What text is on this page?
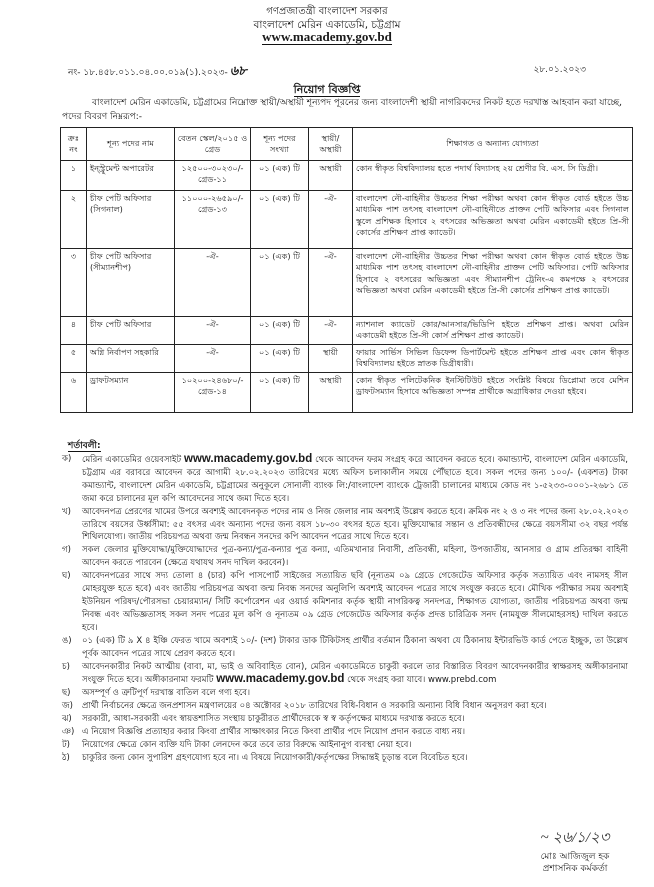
গণপ্রজাতন্ত্রী বাংলাদেশ সরকার
বাংলাদেশ মেরিন একাডেমি, চট্টগ্রাম
www.macademy.gov.bd
নং- ১৮.৪৫৮.০১১.০৪.০০.০১৯(১).২০২৩- ৬৮	২৮.০১.২০২৩
নিয়োগ বিজ্ঞপ্তি
বাংলাদেশ মেরিন একাডেমি, চট্টগ্রামের নিম্নোক্ত স্থায়ী/অস্থায়ী শূন্যপদ পূরনের জন্য বাংলাদেশী স্থায়ী নাগরিকদের নিকট হতে দরখাস্ত আহবান করা যাচ্ছে, পদের বিবরণ নিম্নরূপ:-
ক্রঃ নং	শূন্য পদের নাম	বেতন স্কেল/২০১৫ ও গ্রেড	শূন্য পদের সংখ্যা	স্থায়ী/ অস্থায়ী	শিক্ষাগত ও অন্যান্য যোগ্যতা
১	ইন্স্ট্রুমেন্ট অপারেটর	১২৫০০-৩০২৩০/- গ্রেড-১১	০১ (এক) টি	অস্থায়ী	কোন স্বীকৃত বিশ্ববিদ্যালয় হতে পদার্থ বিদ্যাসহ ২য় শ্রেণীর বি. এস. সি ডিগ্রী।
২	চীফ পেটি অফিসার (সিগনাল)	১১০০০-২৬৫৯০/- গ্রেড-১৩	০১ (এক) টি	-ঐ-	বাংলাদেশ নৌ-বাহিনীর উচ্চতর শিক্ষা পরীক্ষা অথবা কোন স্বীকৃত বোর্ড হইতে উচ্চ মাধ্যমিক পাশ তৎসহ বাংলাদেশ নৌ-বাহিনীতে প্রাক্তন পেটি অফিসার এবং সিগনাল স্কুলে প্রশিক্ষক হিসাবে ২ বৎসরের অভিজ্ঞতা অথবা মেরিন একাডেমী হইতে প্রি-সী কোর্সের প্রশিক্ষণ প্রাপ্ত ক্যাডেট।
৩	চীফ পেটি অফিসার (সীম্যানশীপ)	-ঐ-	০১ (এক) টি	-ঐ-	বাংলাদেশ নৌ-বাহিনীর উচ্চতর শিক্ষা পরীক্ষা অথবা কোন স্বীকৃত বোর্ড হইতে উচ্চ মাধ্যমিক পাশ তৎসহ বাংলাদেশ নৌ-বাহিনীর প্রাক্তন পেটি অফিসার। পেটি অফিসার হিসাবে ২ বৎসরের অভিজ্ঞতা এবং সীম্যানশীপ ট্রেনিং-এ কমপক্ষে ২ বৎসরের অভিজ্ঞতা অথবা মেরিন একাডেমী হইতে প্রি-সী কোর্সের প্রশিক্ষণ প্রাপ্ত ক্যাডেট।
৪	চীফ পেটি অফিসার	-ঐ-	০১ (এক) টি	-ঐ-	ন্যাশনাল ক্যাডেট কোর/আনসার/ভিডিপি হইতে প্রশিক্ষণ প্রাপ্ত। অথবা মেরিন একাডেমী হইতে প্রি-সী কোর্স প্রশিক্ষণ প্রাপ্ত ক্যাডেট।
৫	অগ্নি নির্বাপণ সহকারি	-ঐ-	০১ (এক) টি	স্থায়ী	ফায়ার সার্ভিস সিভিল ডিফেন্স ডিপার্টমেন্ট হইতে প্রশিক্ষণ প্রাপ্ত এবং কোন স্বীকৃত বিশ্ববিদ্যালয় হইতে স্নাতক ডিগ্রীধারী।
৬	ড্রাফটসম্যান	১০২০০-২৪৬৮০/- গ্রেড-১৪	০১ (এক) টি	অস্থায়ী	কোন স্বীকৃত পলিটেকনিক ইনস্টিটিউট হইতে সংশ্লিষ্ট বিষয়ে ডিপ্লোমা তবে মেশিন ড্রাফটসম্যান হিসাবে অভিজ্ঞতা সম্পন্ন প্রার্থীকে অগ্রাধিকার দেওয়া হইবে।
শর্তাবলী:

ক) মেরিন একাডেমির ওয়েবসাইট www.macademy.gov.bd থেকে আবেদন ফরম সংগ্রহ করে আবেদন করতে হবে। কমান্ড্যান্ট, বাংলাদেশ মেরিন একাডেমি, চট্টগ্রাম এর বরাবরে আবেদন করে আগামী ২৮.০২.২০২৩ তারিখের মধ্যে অফিস চলাকালীন সময়ে পৌঁছাতে হবে। সকল পদের জন্য ১০০/- (একশত) টাকা কমান্ড্যান্ট, বাংলাদেশ মেরিন একাডেমি, চট্টগ্রামের অনুকূলে সোনালী ব্যাংক লি:/বাংলাদেশ ব্যাংকে ট্রেজারী চালানের মাধ্যমে কোড নং ১-৫২৩৩-০০০১-২৬৮১ তে জমা করে চালানের মূল কপি আবেদনের সাথে জমা দিতে হবে।

খ) আবেদনপত্র প্রেরণের খামের উপরে অবশ্যই আবেদনকৃত পদের নাম ও নিজ জেলার নাম অবশ্যই উল্লেখ করতে হবে। ক্রমিক নং ২ ও ৩ নং পদের জন্য ২৮.০২.২০২৩ তারিখে বয়সের উর্ধ্বসীমা: ৫৫ বৎসর এবং অন্যান্য পদের জন্য বয়স ১৮-৩০ বৎসর হতে হবে। মুক্তিযোদ্ধার সন্তান ও প্রতিবন্ধীদের ক্ষেত্রে বয়সসীমা ৩২ বছর পর্যন্ত শিথিলযোগ্য। জাতীয় পরিচয়পত্র অথবা জন্ম নিবন্ধন সনদের কপি আবেদন পত্রের সাথে দিতে হবে।

গ) সকল জেলার মুক্তিযোদ্ধা/মুক্তিযোদ্ধাদের পুত্র-কন্যা/পুত্র-কন্যার পুত্র কন্যা, এতিমখানার নিবাসী, প্রতিবন্ধী, মহিলা, উপজাতীয়, আনসার ও গ্রাম প্রতিরক্ষা বাহিনী আবেদন করতে পারবেন (ক্ষেত্রে যথাযথ সনদ দাখিল করবেন)।

ঘ) আবেদনপত্রের সাথে সদ্য তোলা ৪ (চার) কপি পাসপোর্ট সাইজের সত্যায়িত ছবি (নূন্যতম ০৯ গ্রেডে গেজেটেড অফিসার কর্তৃক সত্যায়িত এবং নামসহ সীল মোহরযুক্ত হতে হবে) এবং জাতীয় পরিচয়পত্র অথবা জন্ম নিবন্ধ সনদের অনুলিপি অবশ্যই আবেদন পত্রের সাথে সংযুক্ত করতে হবে। মৌখিক পরীক্ষার সময় অবশ্যই ইউনিয়ন পরিষদ/পৌরসভা চেয়ারম্যান/ সিটি কর্পোরেশন এর ওয়ার্ড কমিশনার কর্তৃক স্থায়ী নাগরিকত্ব সনদপত্র, শিক্ষাগত যোগ্যতা, জাতীয় পরিচয়পত্র অথবা জন্ম নিবন্ধ এবং অভিজ্ঞতাসহ সকল সনদ পত্রের মূল কপি ও নূন্যতম ০৯ গ্রেড গেজেটেড অফিসার কর্তৃক প্রদত্ত চারিত্রিক সনদ (নামযুক্ত সীলমোহরসহ) দাখিল করতে হবে।

ঙ) ০১ (এক) টি ৯ X ৪ ইঞ্চি ফেরত খামে অবশ্যই ১০/- (দশ) টাকার ডাক টিকিটসহ প্রার্থীর বর্তমান ঠিকানা অথবা যে ঠিকানায় ইন্টারভিউ কার্ড পেতে ইচ্ছুক, তা উল্লেখ পূর্বক আবেদন পত্রের সাথে প্রেরণ করতে হবে।

চ) আবেদনকারীর নিকট আত্মীয় (বাবা, মা, ভাই ও অবিবাহিত বোন), মেরিন একাডেমিতে চাকুরী করলে তার বিস্তারিত বিবরণ আবেদনকারীর স্বাক্ষরসহ অঙ্গীকারনামা সংযুক্ত দিতে হবে। অঙ্গীকারনামা ফরমটি www.macademy.gov.bd থেকে সংগ্রহ করা যাবে। www.prebd.com

ছ) অসম্পূর্ণ ও ত্রুটিপূর্ণ দরখাস্ত বাতিল বলে গণ্য হবে।

জ) প্রার্থী নির্বাচনের ক্ষেত্রে জনপ্রশাসন মন্ত্রণালয়ের ০৪ অক্টোবর ২০১৮ তারিখের বিধি-বিধান ও সরকারি অন্যান্য বিধি বিধান অনুসরণ করা হবে।

ঝ) সরকারী, আধা-সরকারী এবং স্বায়ত্তশাসিত সংস্থায় চাকুরীরত প্রার্থীদেরকে স্ব স্ব কর্তৃপক্ষের মাধ্যমে দরখাস্ত করতে হবে।

ঞ) এ নিয়োগ বিজ্ঞপ্তি প্রত্যাহার করার কিংবা প্রার্থীর সাক্ষাৎকার নিতে কিংবা প্রার্থীর পদে নিয়োগ প্রদান করতে বাধ্য নয়।

ট) নিয়োগের ক্ষেত্রে কোন ব্যক্তি যদি টাকা লেনদেন করে তবে তার বিরুদ্ধে আইনানুগ ব্যবস্থা নেয়া হবে।

ঠ) চাকুরির জন্য কোন সুপারিশ গ্রহণযোগ্য হবে না। এ বিষয়ে নিয়োগকারী/কর্তৃপক্ষের সিদ্ধান্তই চূড়ান্ত বলে বিবেচিত হবে।

~ ২৬/১/২৩
মোঃ আজিজুল হক
প্রশাসনিক কর্মকর্তা
